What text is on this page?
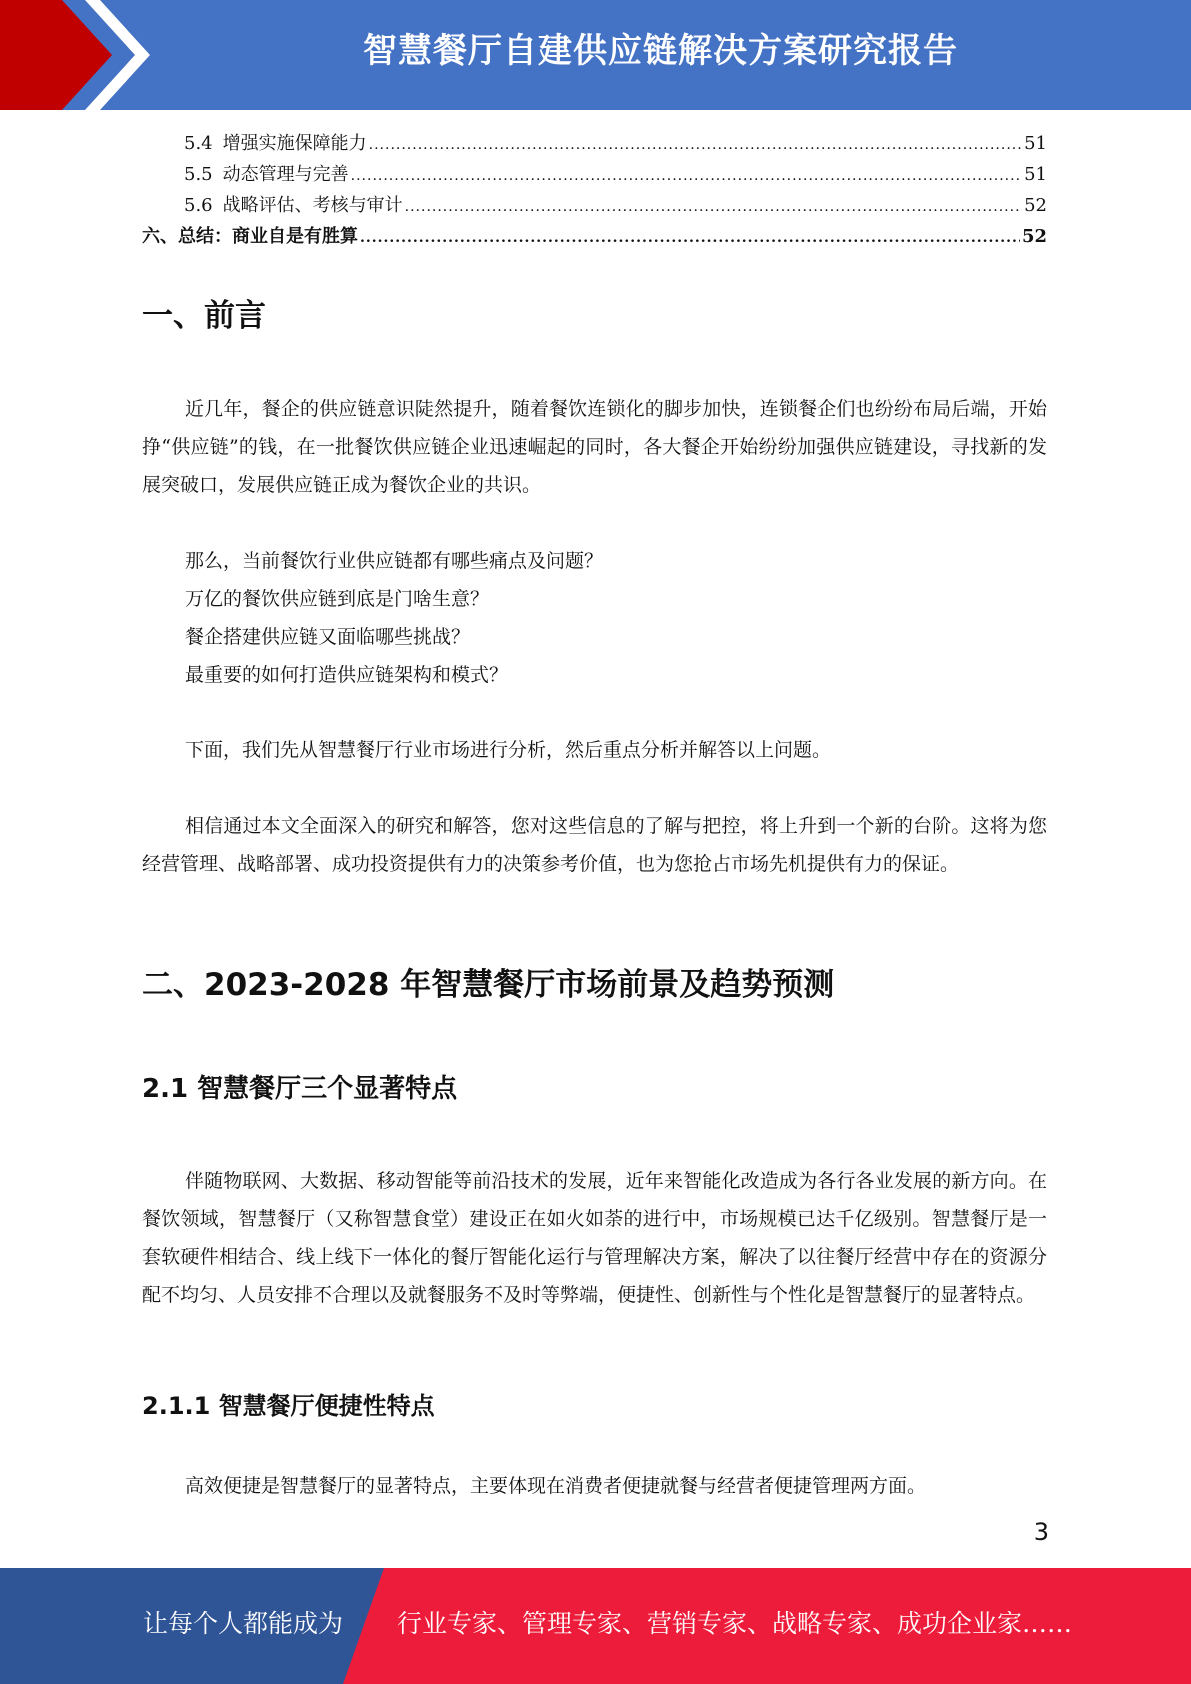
智慧餐厅自建供应链解决方案研究报告
5.4 增强实施保障能力 .....	51
5.5 动态管理与完善 .....	51
5.6 战略评估、考核与审计 .....	52
六、总结：商业自是有胜算 .....	52
一、前言

近几年，餐企的供应链意识陡然提升，随着餐饮连锁化的脚步加快，连锁餐企们也纷纷布局后端，开始挣“供应链”的钱，在一批餐饮供应链企业迅速崛起的同时，各大餐企开始纷纷加强供应链建设，寻找新的发展突破口，发展供应链正成为餐饮企业的共识。

那么，当前餐饮行业供应链都有哪些痛点及问题？
万亿的餐饮供应链到底是门啥生意？
餐企搭建供应链又面临哪些挑战？
最重要的如何打造供应链架构和模式？

下面，我们先从智慧餐厅行业市场进行分析，然后重点分析并解答以上问题。

相信通过本文全面深入的研究和解答，您对这些信息的了解与把控，将上升到一个新的台阶。这将为您经营管理、战略部署、成功投资提供有力的决策参考价值，也为您抢占市场先机提供有力的保证。

二、2023-2028 年智慧餐厅市场前景及趋势预测
2.1 智慧餐厅三个显著特点

伴随物联网、大数据、移动智能等前沿技术的发展，近年来智能化改造成为各行各业发展的新方向。在餐饮领域，智慧餐厅（又称智慧食堂）建设正在如火如荼的进行中，市场规模已达千亿级别。智慧餐厅是一套软硬件相结合、线上线下一体化的餐厅智能化运行与管理解决方案，解决了以往餐厅经营中存在的资源分配不均匀、人员安排不合理以及就餐服务不及时等弊端，便捷性、创新性与个性化是智慧餐厅的显著特点。

2.1.1 智慧餐厅便捷性特点

高效便捷是智慧餐厅的显著特点，主要体现在消费者便捷就餐与经营者便捷管理两方面。

3
让每个人都能成为 行业专家、管理专家、营销专家、战略专家、成功企业家……
